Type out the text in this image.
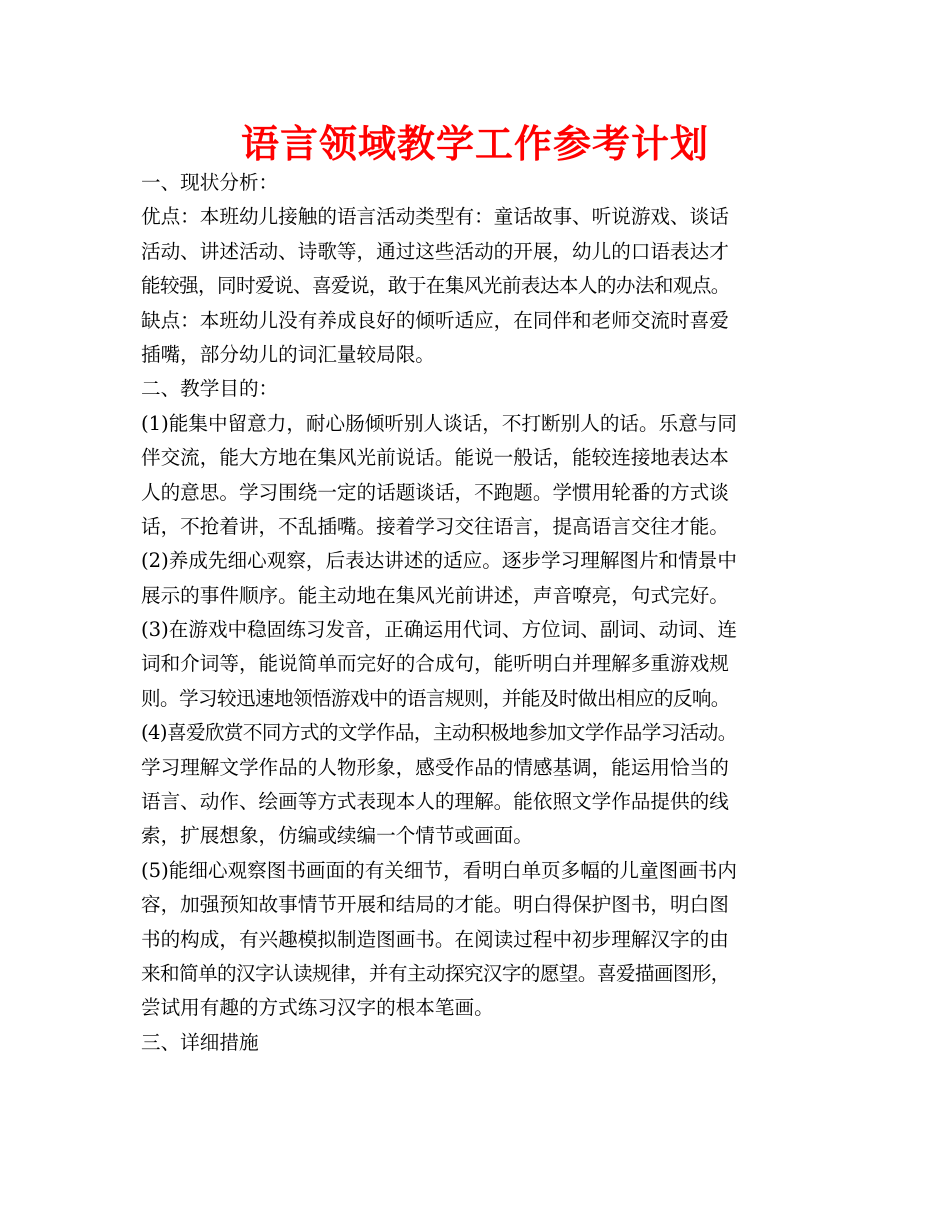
语言领域教学工作参考计划
一、现状分析：
优点：本班幼儿接触的语言活动类型有：童话故事、听说游戏、谈话
活动、讲述活动、诗歌等，通过这些活动的开展，幼儿的口语表达才
能较强，同时爱说、喜爱说，敢于在集风光前表达本人的办法和观点。
缺点：本班幼儿没有养成良好的倾听适应，在同伴和老师交流时喜爱
插嘴，部分幼儿的词汇量较局限。
二、教学目的：
(1)能集中留意力，耐心肠倾听别人谈话，不打断别人的话。乐意与同
伴交流，能大方地在集风光前说话。能说一般话，能较连接地表达本
人的意思。学习围绕一定的话题谈话，不跑题。学惯用轮番的方式谈
话，不抢着讲，不乱插嘴。接着学习交往语言，提高语言交往才能。
(2)养成先细心观察，后表达讲述的适应。逐步学习理解图片和情景中
展示的事件顺序。能主动地在集风光前讲述，声音嘹亮，句式完好。
(3)在游戏中稳固练习发音，正确运用代词、方位词、副词、动词、连
词和介词等，能说简单而完好的合成句，能听明白并理解多重游戏规
则。学习较迅速地领悟游戏中的语言规则，并能及时做出相应的反响。
(4)喜爱欣赏不同方式的文学作品，主动积极地参加文学作品学习活动。
学习理解文学作品的人物形象，感受作品的情感基调，能运用恰当的
语言、动作、绘画等方式表现本人的理解。能依照文学作品提供的线
索，扩展想象，仿编或续编一个情节或画面。
(5)能细心观察图书画面的有关细节，看明白单页多幅的儿童图画书内
容，加强预知故事情节开展和结局的才能。明白得保护图书，明白图
书的构成，有兴趣模拟制造图画书。在阅读过程中初步理解汉字的由
来和简单的汉字认读规律，并有主动探究汉字的愿望。喜爱描画图形，
尝试用有趣的方式练习汉字的根本笔画。
三、详细措施
